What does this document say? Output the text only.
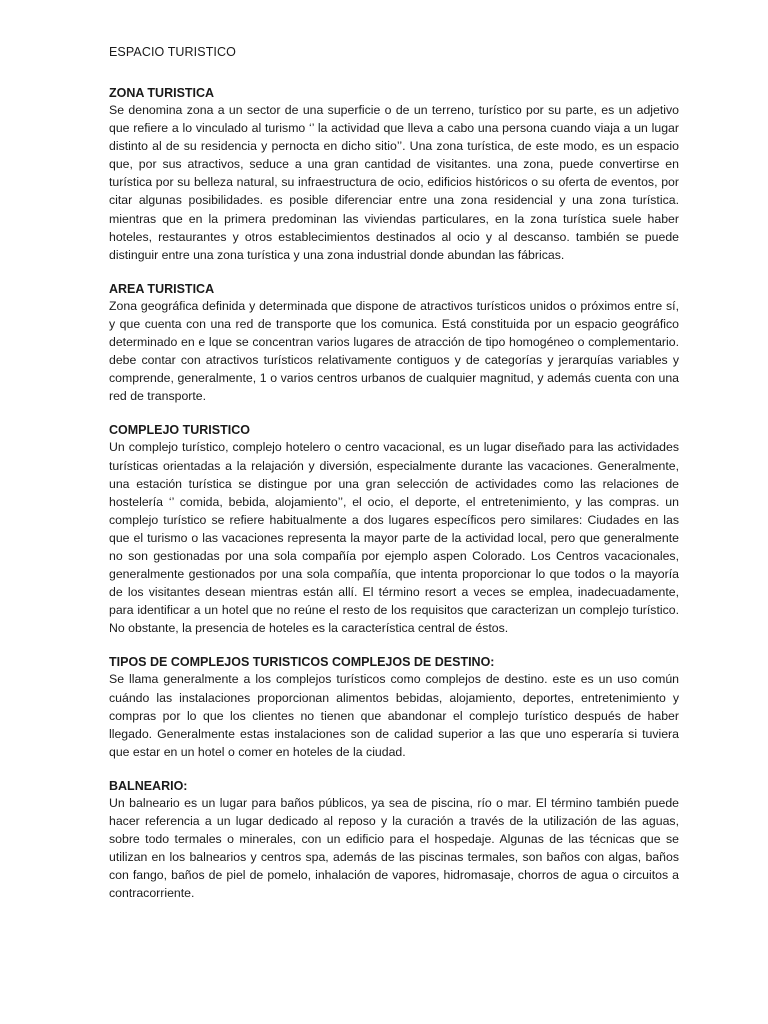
ESPACIO TURISTICO
ZONA TURISTICA

Se denomina zona a un sector de una superficie o de un terreno, turístico por su parte, es un adjetivo que refiere a lo vinculado al turismo ‘’ la actividad que lleva a cabo una persona cuando viaja a un lugar distinto al de su residencia y pernocta en dicho sitio’’. Una zona turística, de este modo, es un espacio que, por sus atractivos, seduce a una gran cantidad de visitantes. una zona, puede convertirse en turística por su belleza natural, su infraestructura de ocio, edificios históricos o su oferta de eventos, por citar algunas posibilidades. es posible diferenciar entre una zona residencial y una zona turística. mientras que en la primera predominan las viviendas particulares, en la zona turística suele haber hoteles, restaurantes y otros establecimientos destinados al ocio y al descanso. también se puede distinguir entre una zona turística y una zona industrial donde abundan las fábricas.

AREA TURISTICA

Zona geográfica definida y determinada que dispone de atractivos turísticos unidos o próximos entre sí, y que cuenta con una red de transporte que los comunica. Está constituida por un espacio geográfico determinado en e lque se concentran varios lugares de atracción de tipo homogéneo o complementario. debe contar con atractivos turísticos relativamente contiguos y de categorías y jerarquías variables y comprende, generalmente, 1 o varios centros urbanos de cualquier magnitud, y además cuenta con una red de transporte.

COMPLEJO TURISTICO

Un complejo turístico, complejo hotelero o centro vacacional, es un lugar diseñado para las actividades turísticas orientadas a la relajación y diversión, especialmente durante las vacaciones. Generalmente, una estación turística se distingue por una gran selección de actividades como las relaciones de hostelería ‘’ comida, bebida, alojamiento’’, el ocio, el deporte, el entretenimiento, y las compras. un complejo turístico se refiere habitualmente a dos lugares específicos pero similares: Ciudades en las que el turismo o las vacaciones representa la mayor parte de la actividad local, pero que generalmente no son gestionadas por una sola compañía por ejemplo aspen Colorado. Los Centros vacacionales, generalmente gestionados por una sola compañía, que intenta proporcionar lo que todos o la mayoría de los visitantes desean mientras están allí. El término resort a veces se emplea, inadecuadamente, para identificar a un hotel que no reúne el resto de los requisitos que caracterizan un complejo turístico. No obstante, la presencia de hoteles es la característica central de éstos.

TIPOS DE COMPLEJOS TURISTICOS COMPLEJOS DE DESTINO:

Se llama generalmente a los complejos turísticos como complejos de destino. este es un uso común cuándo las instalaciones proporcionan alimentos bebidas, alojamiento, deportes, entretenimiento y compras por lo que los clientes no tienen que abandonar el complejo turístico después de haber llegado. Generalmente estas instalaciones son de calidad superior a las que uno esperaría si tuviera que estar en un hotel o comer en hoteles de la ciudad.

BALNEARIO:

Un balneario es un lugar para baños públicos, ya sea de piscina, río o mar. El término también puede hacer referencia a un lugar dedicado al reposo y la curación a través de la utilización de las aguas, sobre todo termales o minerales, con un edificio para el hospedaje. Algunas de las técnicas que se utilizan en los balnearios y centros spa, además de las piscinas termales, son baños con algas, baños con fango, baños de piel de pomelo, inhalación de vapores, hidromasaje, chorros de agua o circuitos a contracorriente.
